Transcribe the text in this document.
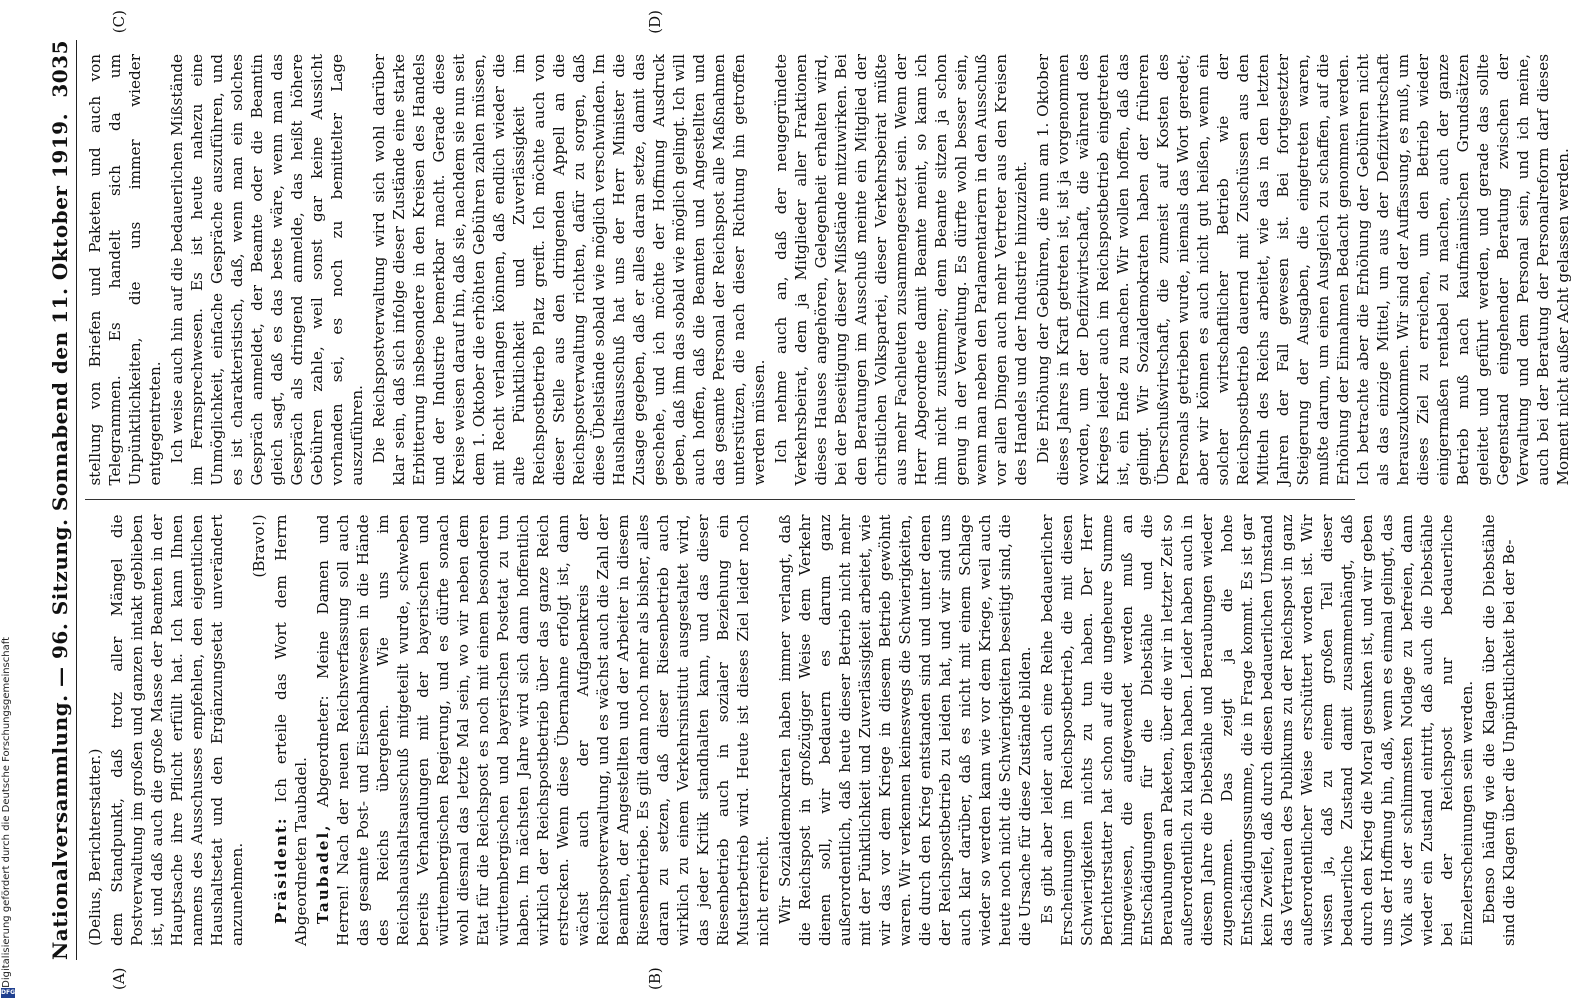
Digitalisierung gefördert durch die Deutsche Forschungsgemeinschaft
DFG
Nationalversammlung. — 96. Sitzung. Sonnabend den 11. Oktober 1919.
3035
(A)	(B)

(Delius, Berichterstatter.) dem Standpunkt, daß trotz aller Mängel die Postverwaltung im großen und ganzen intakt geblieben ist, und daß auch die große Masse der Beamten in der Hauptsache ihre Pflicht erfüllt hat. Ich kann Ihnen namens des Ausschusses empfehlen, den eigentlichen Haushaltsetat und den Ergänzungsetat unverändert anzunehmen.

(Bravo!)

Präsident: Ich erteile das Wort dem Herrn Abgeordneten Taubadel. Taubadel, Abgeordneter: Meine Damen und Herren! Nach der neuen Reichsverfassung soll auch das gesamte Post- und Eisenbahnwesen in die Hände des Reichs übergehen. Wie uns im Reichshaushaltsausschuß mitgeteilt wurde, schweben bereits Verhandlungen mit der bayerischen und württembergischen Regierung, und es dürfte sonach wohl diesmal das letzte Mal sein, wo wir neben dem Etat für die Reichspost es noch mit einem besonderen württembergischen und bayerischen Postetat zu tun haben. Im nächsten Jahre wird sich dann hoffentlich wirklich der Reichspostbetrieb über das ganze Reich erstrecken. Wenn diese Übernahme erfolgt ist, dann wächst auch der Aufgabenkreis der Reichspostverwaltung, und es wächst auch die Zahl der Beamten, der Angestellten und der Arbeiter in diesem Riesenbetriebe. Es gilt dann noch mehr als bisher, alles daran zu setzen, daß dieser Riesenbetrieb auch wirklich zu einem Verkehrsinstitut ausgestaltet wird, das jeder Kritik standhalten kann, und das dieser Riesenbetrieb auch in sozialer Beziehung ein Musterbetrieb wird. Heute ist dieses Ziel leider noch nicht erreicht. Wir Sozialdemokraten haben immer verlangt, daß die Reichspost in großzügiger Weise dem Verkehr dienen soll, wir bedauern es darum ganz außerordentlich, daß heute dieser Betrieb nicht mehr mit der Pünktlichkeit und Zuverlässigkeit arbeitet, wie wir das vor dem Kriege in diesem Betrieb gewöhnt waren. Wir verkennen keineswegs die Schwierigkeiten, die durch den Krieg entstanden sind und unter denen der Reichspostbetrieb zu leiden hat, und wir sind uns auch klar darüber, daß es nicht mit einem Schlage wieder so werden kann wie vor dem Kriege, weil auch heute noch nicht die Schwierigkeiten beseitigt sind, die die Ursache für diese Zustände bilden. Es gibt aber leider auch eine Reihe bedauerlicher Erscheinungen im Reichspostbetrieb, die mit diesen Schwierigkeiten nichts zu tun haben. Der Herr Berichterstatter hat schon auf die ungeheure Summe hingewiesen, die aufgewendet werden muß an Entschädigungen für die Diebstähle und die Beraubungen an Paketen, über die wir in letzter Zeit so außerordentlich zu klagen haben. Leider haben auch in diesem Jahre die Diebstähle und Beraubungen wieder zugenommen. Das zeigt ja die hohe Entschädigungssumme, die in Frage kommt. Es ist gar kein Zweifel, daß durch diesen bedauerlichen Umstand das Vertrauen des Publikums zu der Reichspost in ganz außerordentlicher Weise erschüttert worden ist. Wir wissen ja, daß zu einem großen Teil dieser bedauerliche Zustand damit zusammenhängt, daß durch den Krieg die Moral gesunken ist, und wir geben uns der Hoffnung hin, daß, wenn es einmal gelingt, das Volk aus der schlimmsten Notlage zu befreien, dann wieder ein Zustand eintritt, daß auch die Diebstähle bei der Reichspost nur bedauerliche Einzelerscheinungen sein werden. Ebenso häufig wie die Klagen über die Diebstähle sind die Klagen über die Unpünktlichkeit bei der Be-

(C)	(D)

stellung von Briefen und Paketen und auch von Telegrammen. Es handelt sich da um Unpünktlichkeiten, die uns immer wieder entgegentreten. Ich weise auch hin auf die bedauerlichen Mißstände im Fernsprechwesen. Es ist heute nahezu eine Unmöglichkeit, einfache Gespräche auszuführen, und es ist charakteristisch, daß, wenn man ein solches Gespräch anmeldet, der Beamte oder die Beamtin gleich sagt, daß es das beste wäre, wenn man das Gespräch als dringend anmelde, das heißt höhere Gebühren zahle, weil sonst gar keine Aussicht vorhanden sei, es noch zu bemittelter Lage auszuführen. Die Reichspostverwaltung wird sich wohl darüber klar sein, daß sich infolge dieser Zustände eine starke Erbitterung insbesondere in den Kreisen des Handels und der Industrie bemerkbar macht. Gerade diese Kreise weisen darauf hin, daß sie, nachdem sie nun seit dem 1. Oktober die erhöhten Gebühren zahlen müssen, mit Recht verlangen können, daß endlich wieder die alte Pünktlichkeit und Zuverlässigkeit im Reichspostbetrieb Platz greift. Ich möchte auch von dieser Stelle aus den dringenden Appell an die Reichspostverwaltung richten, dafür zu sorgen, daß diese Übelstände sobald wie möglich verschwinden. Im Haushaltsausschuß hat uns der Herr Minister die Zusage gegeben, daß er alles daran setze, damit das geschehe, und ich möchte der Hoffnung Ausdruck geben, daß ihm das sobald wie möglich gelingt. Ich will auch hoffen, daß die Beamten und Angestellten und das gesamte Personal der Reichspost alle Maßnahmen unterstützen, die nach dieser Richtung hin getroffen werden müssen. Ich nehme auch an, daß der neugegründete Verkehrsbeirat, dem ja Mitglieder aller Fraktionen dieses Hauses angehören, Gelegenheit erhalten wird, bei der Beseitigung dieser Mißstände mitzuwirken. Bei den Beratungen im Ausschuß meinte ein Mitglied der christlichen Volkspartei, dieser Verkehrsbeirat müßte aus mehr Fachleuten zusammengesetzt sein. Wenn der Herr Abgeordnete damit Beamte meint, so kann ich ihm nicht zustimmen; denn Beamte sitzen ja schon genug in der Verwaltung. Es dürfte wohl besser sein, wenn man neben den Parlamentariern in den Ausschuß vor allen Dingen auch mehr Vertreter aus den Kreisen des Handels und der Industrie hinzuzieht. Die Erhöhung der Gebühren, die nun am 1. Oktober dieses Jahres in Kraft getreten ist, ist ja vorgenommen worden, um der Defizitwirtschaft, die während des Krieges leider auch im Reichspostbetrieb eingetreten ist, ein Ende zu machen. Wir wollen hoffen, daß das gelingt. Wir Sozialdemokraten haben der früheren Überschußwirtschaft, die zumeist auf Kosten des Personals getrieben wurde, niemals das Wort geredet; aber wir können es auch nicht gut heißen, wenn ein solcher wirtschaftlicher Betrieb wie der Reichspostbetrieb dauernd mit Zuschüssen aus den Mitteln des Reichs arbeitet, wie das in den letzten Jahren der Fall gewesen ist. Bei fortgesetzter Steigerung der Ausgaben, die eingetreten waren, mußte darum, um einen Ausgleich zu schaffen, auf die Erhöhung der Einnahmen Bedacht genommen werden. Ich betrachte aber die Erhöhung der Gebühren nicht als das einzige Mittel, um aus der Defizitwirtschaft herauszukommen. Wir sind der Auffassung, es muß, um dieses Ziel zu erreichen, um den Betrieb wieder einigermaßen rentabel zu machen, auch der ganze Betrieb muß nach kaufmännischen Grundsätzen geleitet und geführt werden, und gerade das sollte Gegenstand eingehender Beratung zwischen der Verwaltung und dem Personal sein, und ich meine, auch bei der Beratung der Personalreform darf dieses Moment nicht außer Acht gelassen werden.
